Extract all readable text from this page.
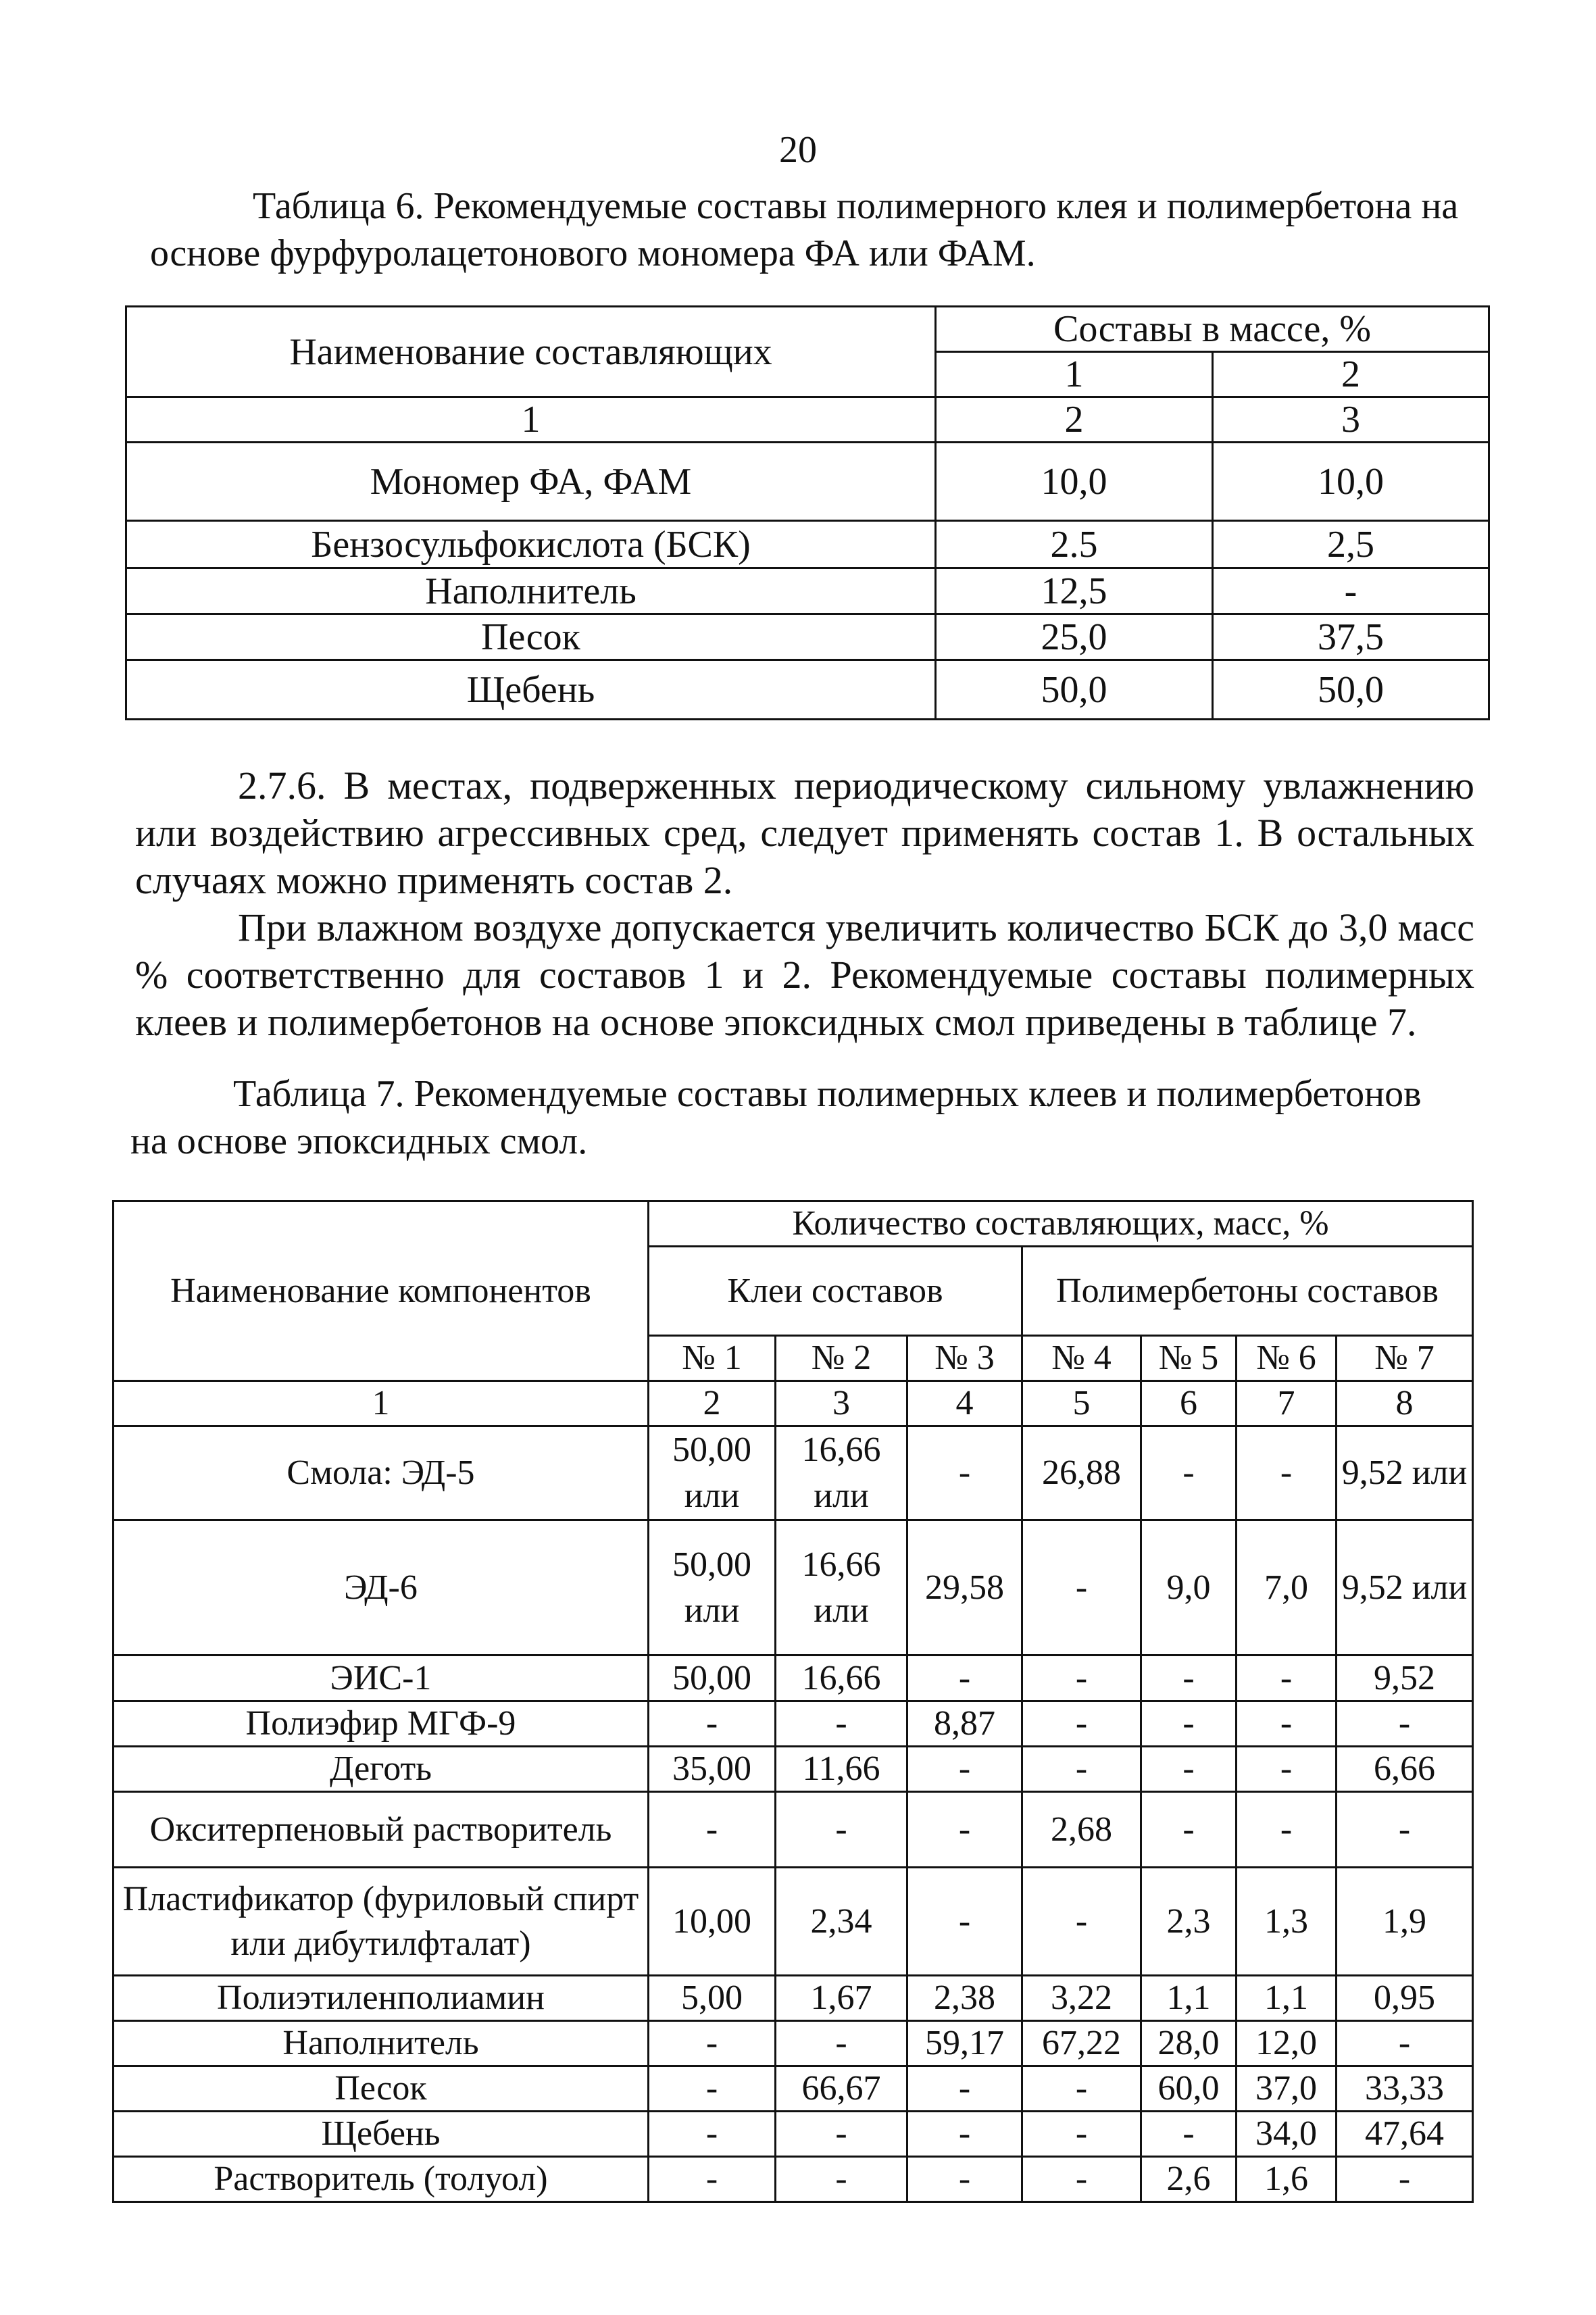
20
Таблица 6. Рекомендуемые составы полимерного клея и полимербетона на основе фурфуролацетонового мономера ФА или ФАМ.
Наименование составляющих	Составы в массе, %	
	1	2
1	2	3
Мономер ФА, ФАМ	10,0	10,0
Бензосульфокислота (БСК)	2.5	2,5
Наполнитель	12,5	-
Песок	25,0	37,5
Щебень	50,0	50,0
2.7.6. В местах, подверженных периодическому сильному увлажнению или воздействию агрессивных сред, следует применять состав 1. В остальных случаях можно применять состав 2.
При влажном воздухе допускается увеличить количество БСК до 3,0 масс % соответственно для составов 1 и 2. Рекомендуемые составы полимерных клеев и полимербетонов на основе эпоксидных смол приведены в таблице 7.
Таблица 7. Рекомендуемые составы полимерных клеев и полимербетонов на основе эпоксидных смол.
Наименование компонентов	Количество составляющих, масс, %						
	Клеи составов			Полимербетоны составов			
	№ 1	№ 2	№ 3	№ 4	№ 5	№ 6	№ 7
1	2	3	4	5	6	7	8
Смола: ЭД-5	50,00 или	16,66 или	-	26,88	-	-	9,52 или
ЭД-6	50,00 или	16,66 или	29,58	-	9,0	7,0	9,52 или
ЭИС-1	50,00	16,66	-	-	-	-	9,52
Полиэфир МГФ-9	-	-	8,87	-	-	-	-
Деготь	35,00	11,66	-	-	-	-	6,66
Окситерпеновый растворитель	-	-	-	2,68	-	-	-
Пластификатор (фуриловый спирт или дибутилфталат)	10,00	2,34	-	-	2,3	1,3	1,9
Полиэтиленполиамин	5,00	1,67	2,38	3,22	1,1	1,1	0,95
Наполнитель	-	-	59,17	67,22	28,0	12,0	-
Песок	-	66,67	-	-	60,0	37,0	33,33
Щебень	-	-	-	-	-	34,0	47,64
Растворитель (толуол)	-	-	-	-	2,6	1,6	-
